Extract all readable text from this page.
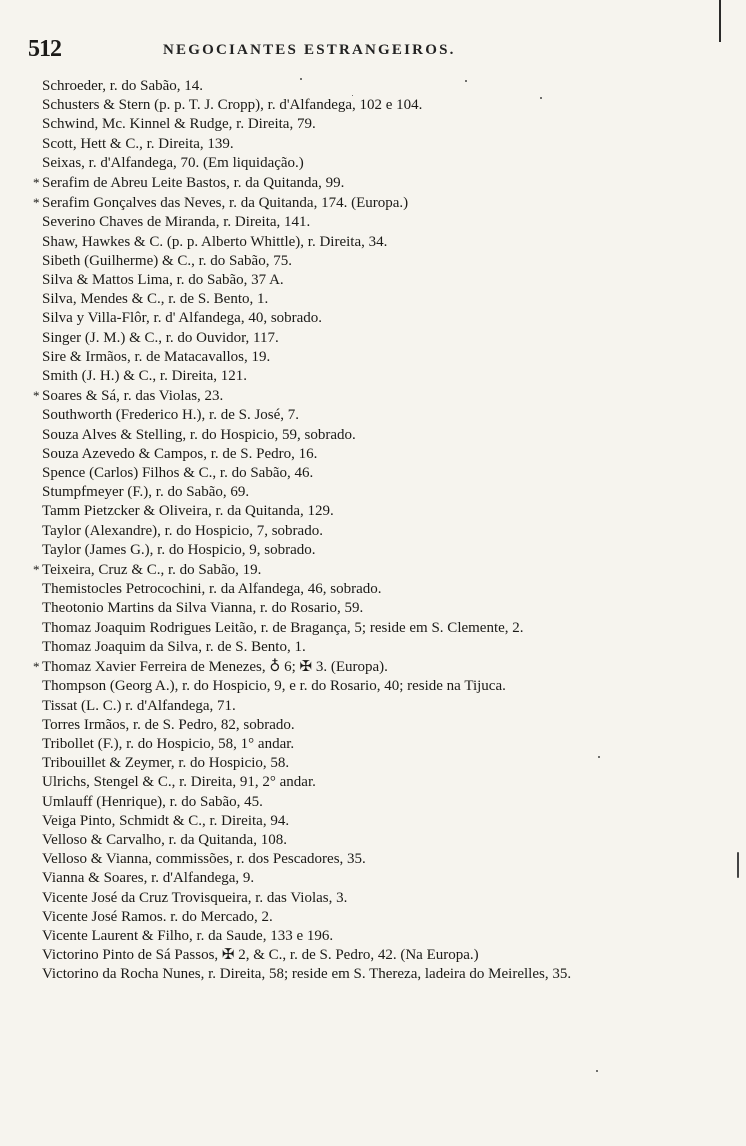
512	NEGOCIANTES ESTRANGEIROS.
Schroeder, r. do Sabão, 14.
Schusters & Stern (p. p. T. J. Cropp), r. d'Alfandega, 102 e 104.
Schwind, Mc. Kinnel & Rudge, r. Direita, 79.
Scott, Hett & C., r. Direita, 139.
Seixas, r. d'Alfandega, 70. (Em liquidação.)
* Serafim de Abreu Leite Bastos, r. da Quitanda, 99.
* Serafim Gonçalves das Neves, r. da Quitanda, 174. (Europa.)
Severino Chaves de Miranda, r. Direita, 141.
Shaw, Hawkes & C. (p. p. Alberto Whittle), r. Direita, 34.
Sibeth (Guilherme) & C., r. do Sabão, 75.
Silva & Mattos Lima, r. do Sabão, 37 A.
Silva, Mendes & C., r. de S. Bento, 1.
Silva y Villa-Flôr, r. d' Alfandega, 40, sobrado.
Singer (J. M.) & C., r. do Ouvidor, 117.
Sire & Irmãos, r. de Matacavallos, 19.
Smith (J. H.) & C., r. Direita, 121.
* Soares & Sá, r. das Violas, 23.
Southworth (Frederico H.), r. de S. José, 7.
Souza Alves & Stelling, r. do Hospicio, 59, sobrado.
Souza Azevedo & Campos, r. de S. Pedro, 16.
Spence (Carlos) Filhos & C., r. do Sabão, 46.
Stumpfmeyer (F.), r. do Sabão, 69.
Tamm Pietzcker & Oliveira, r. da Quitanda, 129.
Taylor (Alexandre), r. do Hospicio, 7, sobrado.
Taylor (James G.), r. do Hospicio, 9, sobrado.
* Teixeira, Cruz & C., r. do Sabão, 19.
Themistocles Petrocochini, r. da Alfandega, 46, sobrado.
Theotonio Martins da Silva Vianna, r. do Rosario, 59.
Thomaz Joaquim Rodrigues Leitão, r. de Bragança, 5; reside em S. Clemente, 2.
Thomaz Joaquim da Silva, r. de S. Bento, 1.
* Thomaz Xavier Ferreira de Menezes, ♁ 6; ✠ 3. (Europa).
Thompson (Georg A.), r. do Hospicio, 9, e r. do Rosario, 40; reside na Tijuca.
Tissat (L. C.) r. d'Alfandega, 71.
Torres Irmãos, r. de S. Pedro, 82, sobrado.
Tribollet (F.), r. do Hospicio, 58, 1° andar.
Tribouillet & Zeymer, r. do Hospicio, 58.
Ulrichs, Stengel & C., r. Direita, 91, 2° andar.
Umlauff (Henrique), r. do Sabão, 45.
Veiga Pinto, Schmidt & C., r. Direita, 94.
Velloso & Carvalho, r. da Quitanda, 108.
Velloso & Vianna, commissões, r. dos Pescadores, 35.
Vianna & Soares, r. d'Alfandega, 9.
Vicente José da Cruz Trovisqueira, r. das Violas, 3.
Vicente José Ramos. r. do Mercado, 2.
Vicente Laurent & Filho, r. da Saude, 133 e 196.
Victorino Pinto de Sá Passos, ✠ 2, & C., r. de S. Pedro, 42. (Na Europa.)
Victorino da Rocha Nunes, r. Direita, 58; reside em S. Thereza, ladeira do Meirelles, 35.
